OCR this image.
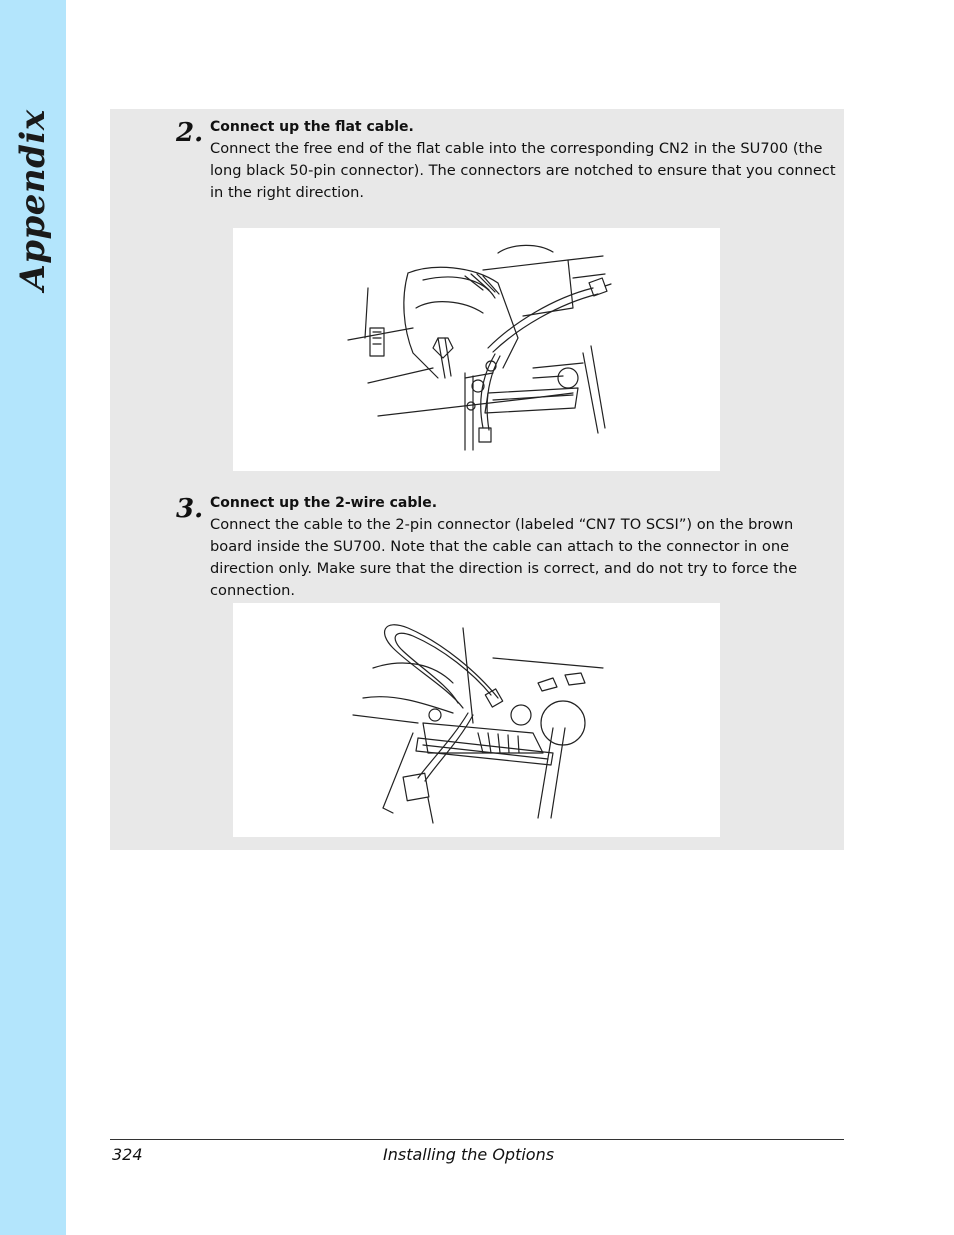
Appendix	2. Connect up the flat cable.
Connect the free end of the flat cable into the corresponding CN2 in the SU700 (the long black 50-pin connector). The connectors are notched to ensure that you connect in the right direction.
3. Connect up the 2-wire cable.
Connect the cable to the 2-pin connector (labeled “CN7 TO SCSI”) on the brown board inside the SU700. Note that the cable can attach to the connector in one direction only. Make sure that the direction is correct, and do not try to force the connection.
324	Installing the Options
